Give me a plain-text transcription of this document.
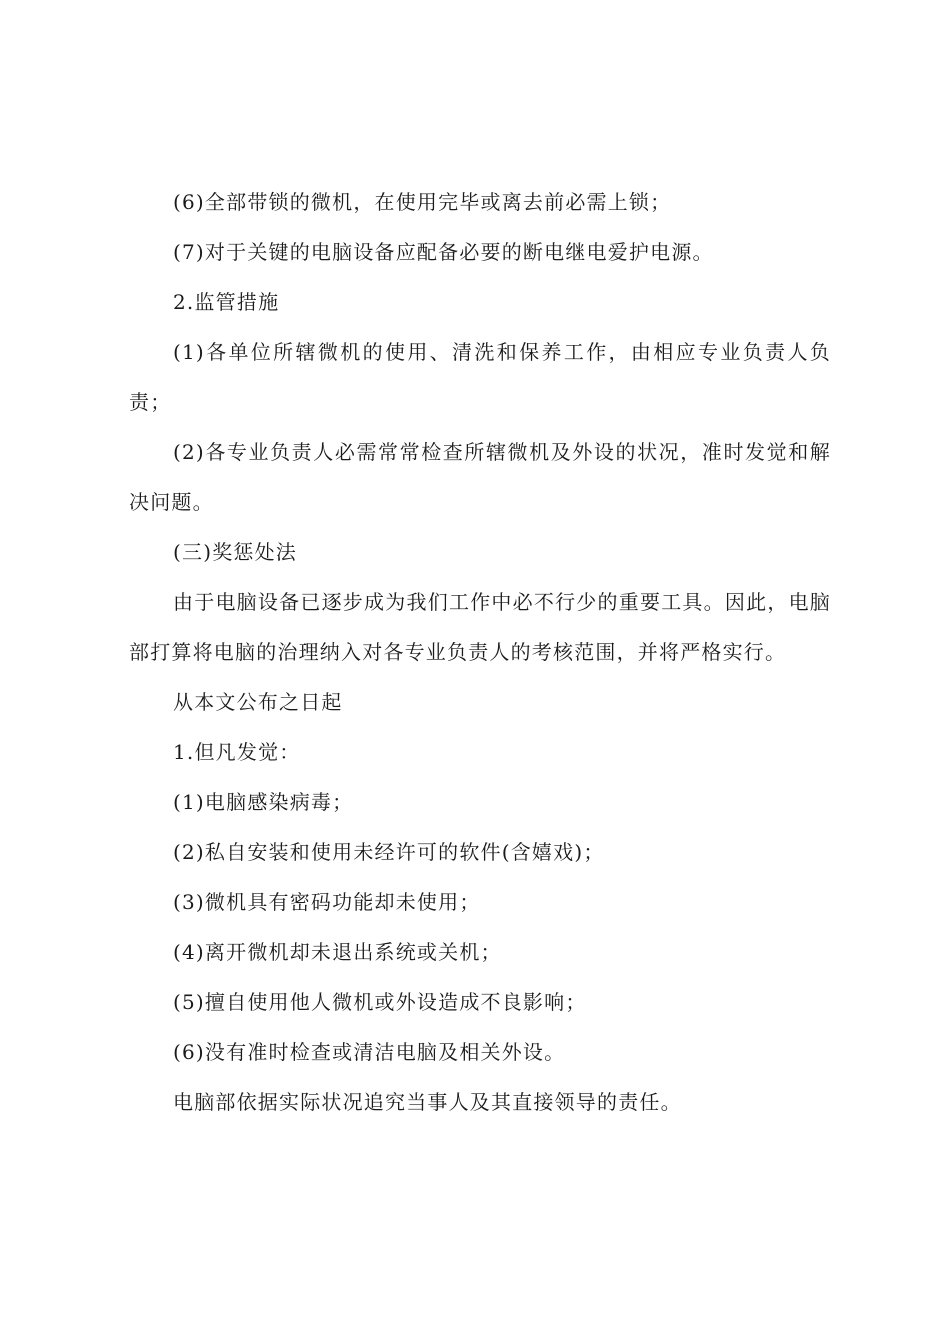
(6)全部带锁的微机，在使用完毕或离去前必需上锁；

(7)对于关键的电脑设备应配备必要的断电继电爱护电源。

2.监管措施

(1)各单位所辖微机的使用、清洗和保养工作，由相应专业负责人负责；

(2)各专业负责人必需常常检查所辖微机及外设的状况，准时发觉和解决问题。

(三)奖惩处法

由于电脑设备已逐步成为我们工作中必不行少的重要工具。因此，电脑部打算将电脑的治理纳入对各专业负责人的考核范围，并将严格实行。

从本文公布之日起

1.但凡发觉：

(1)电脑感染病毒；

(2)私自安装和使用未经许可的软件(含嬉戏)；

(3)微机具有密码功能却未使用；

(4)离开微机却未退出系统或关机；

(5)擅自使用他人微机或外设造成不良影响；

(6)没有准时检查或清洁电脑及相关外设。

电脑部依据实际状况追究当事人及其直接领导的责任。
